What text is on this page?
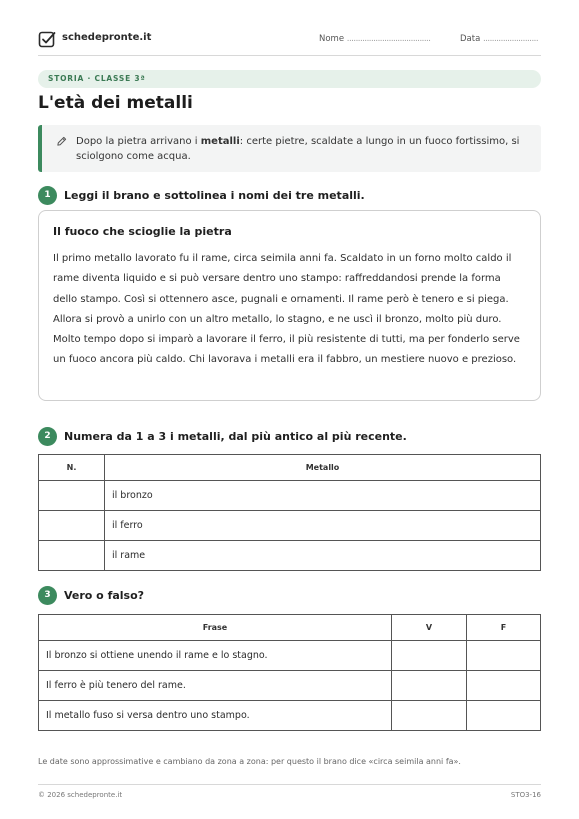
schedepronte.it	Nome ......................................	Data .........................
STORIA · CLASSE 3ª
L'età dei metalli

Dopo la pietra arrivano i metalli: certe pietre, scaldate a lungo in un fuoco fortissimo, si sciolgono come acqua.

1	Leggi il brano e sottolinea i nomi dei tre metalli.
Il fuoco che scioglie la pietra

Il primo metallo lavorato fu il rame, circa seimila anni fa. Scaldato in un forno molto caldo il rame diventa liquido e si può versare dentro uno stampo: raffreddandosi prende la forma dello stampo. Così si ottennero asce, pugnali e ornamenti. Il rame però è tenero e si piega. Allora si provò a unirlo con un altro metallo, lo stagno, e ne uscì il bronzo, molto più duro. Molto tempo dopo si imparò a lavorare il ferro, il più resistente di tutti, ma per fonderlo serve un fuoco ancora più caldo. Chi lavorava i metalli era il fabbro, un mestiere nuovo e prezioso.

2	Numera da 1 a 3 i metalli, dal più antico al più recente.
N.	Metallo
	il bronzo
	il ferro
	il rame
3	Vero o falso?
Frase	V	F
Il bronzo si ottiene unendo il rame e lo stagno.		
Il ferro è più tenero del rame.		
Il metallo fuso si versa dentro uno stampo.		

Le date sono approssimative e cambiano da zona a zona: per questo il brano dice «circa seimila anni fa».

© 2026 schedepronte.it	STO3-16
